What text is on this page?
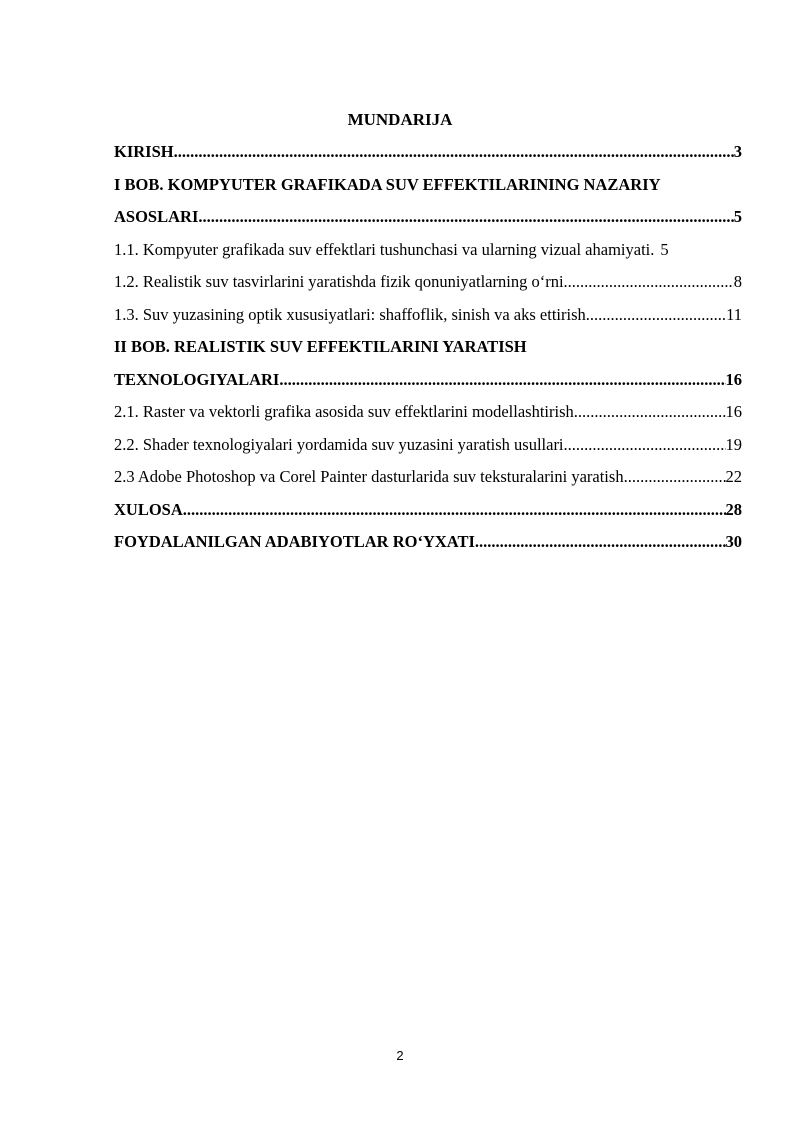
MUNDARIJA
KIRISH .....	3
I BOB. KOMPYUTER GRAFIKADA SUV EFFEKTILARINING NAZARIY
ASOSLARI .....	5
1.1. Kompyuter grafikada suv effektlari tushunchasi va ularning vizual ahamiyati. 5
1.2. Realistik suv tasvirlarini yaratishda fizik qonuniyatlarning o‘rni .....	8
1.3. Suv yuzasining optik xususiyatlari: shaffoflik, sinish va aks ettirish .....	11
II BOB. REALISTIK SUV EFFEKTILARINI YARATISH
TEXNOLOGIYALARI .....	16
2.1. Raster va vektorli grafika asosida suv effektlarini modellashtirish .....	16
2.2. Shader texnologiyalari yordamida suv yuzasini yaratish usullari .....	19
2.3 Adobe Photoshop va Corel Painter dasturlarida suv teksturalarini yaratish .....	22
XULOSA .....	28
FOYDALANILGAN ADABIYOTLAR RO‘YXATI .....	30
2
